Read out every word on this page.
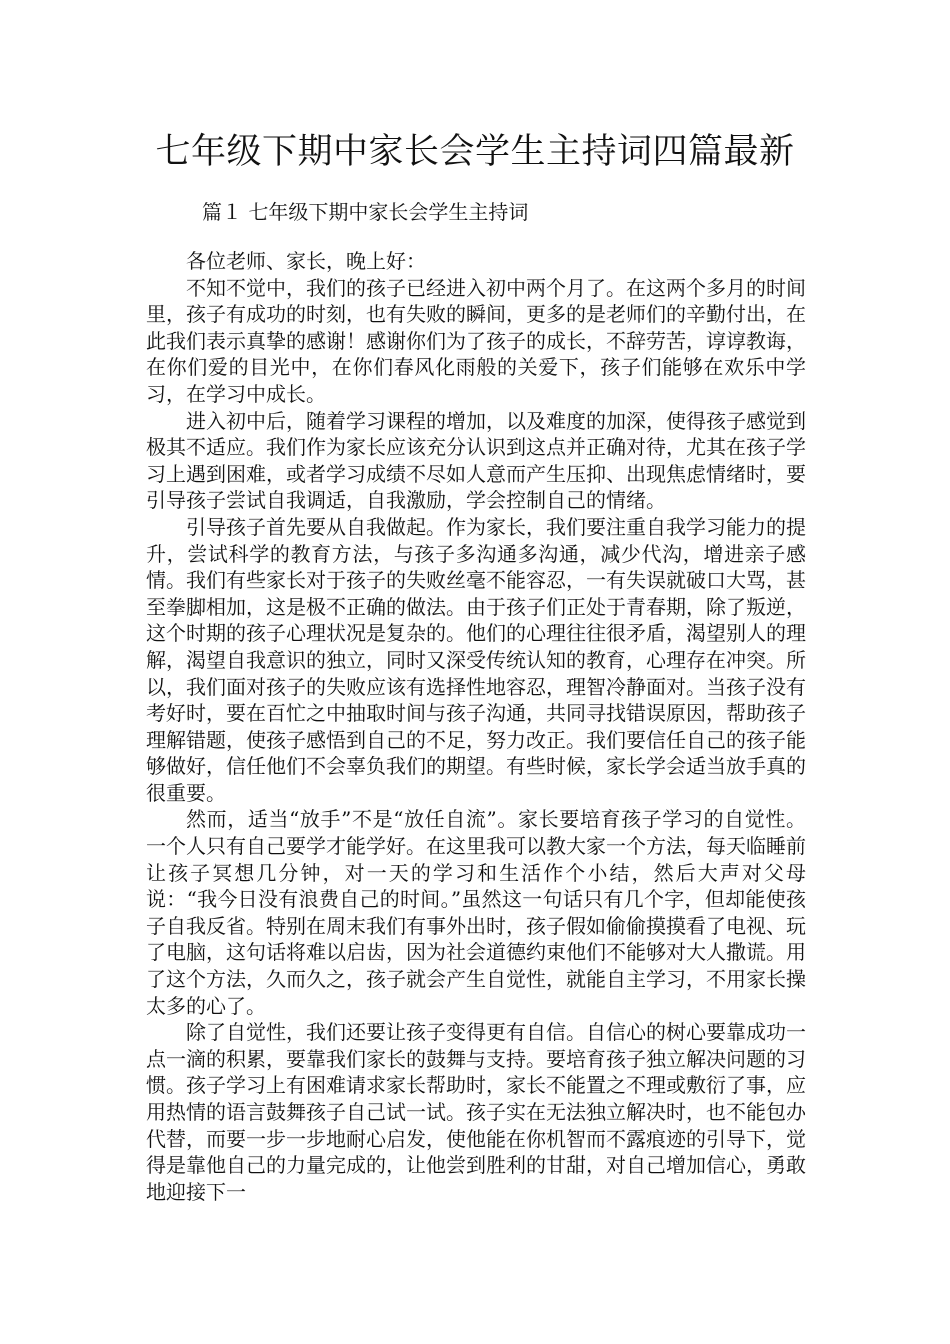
七年级下期中家长会学生主持词四篇最新
篇１ 七年级下期中家长会学生主持词

各位老师、家长，晚上好：

不知不觉中，我们的孩子已经进入初中两个月了。在这两个多月的时间里，孩子有成功的时刻，也有失败的瞬间，更多的是老师们的辛勤付出，在此我们表示真挚的感谢！感谢你们为了孩子的成长，不辞劳苦，谆谆教诲，在你们爱的目光中，在你们春风化雨般的关爱下，孩子们能够在欢乐中学习，在学习中成长。

进入初中后，随着学习课程的增加，以及难度的加深，使得孩子感觉到极其不适应。我们作为家长应该充分认识到这点并正确对待，尤其在孩子学习上遇到困难，或者学习成绩不尽如人意而产生压抑、出现焦虑情绪时，要引导孩子尝试自我调适，自我激励，学会控制自己的情绪。

引导孩子首先要从自我做起。作为家长，我们要注重自我学习能力的提升，尝试科学的教育方法，与孩子多沟通多沟通，减少代沟，增进亲子感情。我们有些家长对于孩子的失败丝毫不能容忍，一有失误就破口大骂，甚至拳脚相加，这是极不正确的做法。由于孩子们正处于青春期，除了叛逆，这个时期的孩子心理状况是复杂的。他们的心理往往很矛盾，渴望别人的理解，渴望自我意识的独立，同时又深受传统认知的教育，心理存在冲突。所以，我们面对孩子的失败应该有选择性地容忍，理智冷静面对。当孩子没有考好时，要在百忙之中抽取时间与孩子沟通，共同寻找错误原因，帮助孩子理解错题，使孩子感悟到自己的不足，努力改正。我们要信任自己的孩子能够做好，信任他们不会辜负我们的期望。有些时候，家长学会适当放手真的很重要。

然而，适当“放手”不是“放任自流”。家长要培育孩子学习的自觉性。一个人只有自己要学才能学好。在这里我可以教大家一个方法，每天临睡前让孩子冥想几分钟，对一天的学习和生活作个小结，然后大声对父母说：“我今日没有浪费自己的时间。”虽然这一句话只有几个字，但却能使孩子自我反省。特别在周末我们有事外出时，孩子假如偷偷摸摸看了电视、玩了电脑，这句话将难以启齿，因为社会道德约束他们不能够对大人撒谎。用了这个方法，久而久之，孩子就会产生自觉性，就能自主学习，不用家长操太多的心了。

除了自觉性，我们还要让孩子变得更有自信。自信心的树心要靠成功一点一滴的积累，要靠我们家长的鼓舞与支持。要培育孩子独立解决问题的习惯。孩子学习上有困难请求家长帮助时，家长不能置之不理或敷衍了事，应用热情的语言鼓舞孩子自己试一试。孩子实在无法独立解决时，也不能包办代替，而要一步一步地耐心启发，使他能在你机智而不露痕迹的引导下，觉得是靠他自己的力量完成的，让他尝到胜利的甘甜，对自己增加信心，勇敢地迎接下一
